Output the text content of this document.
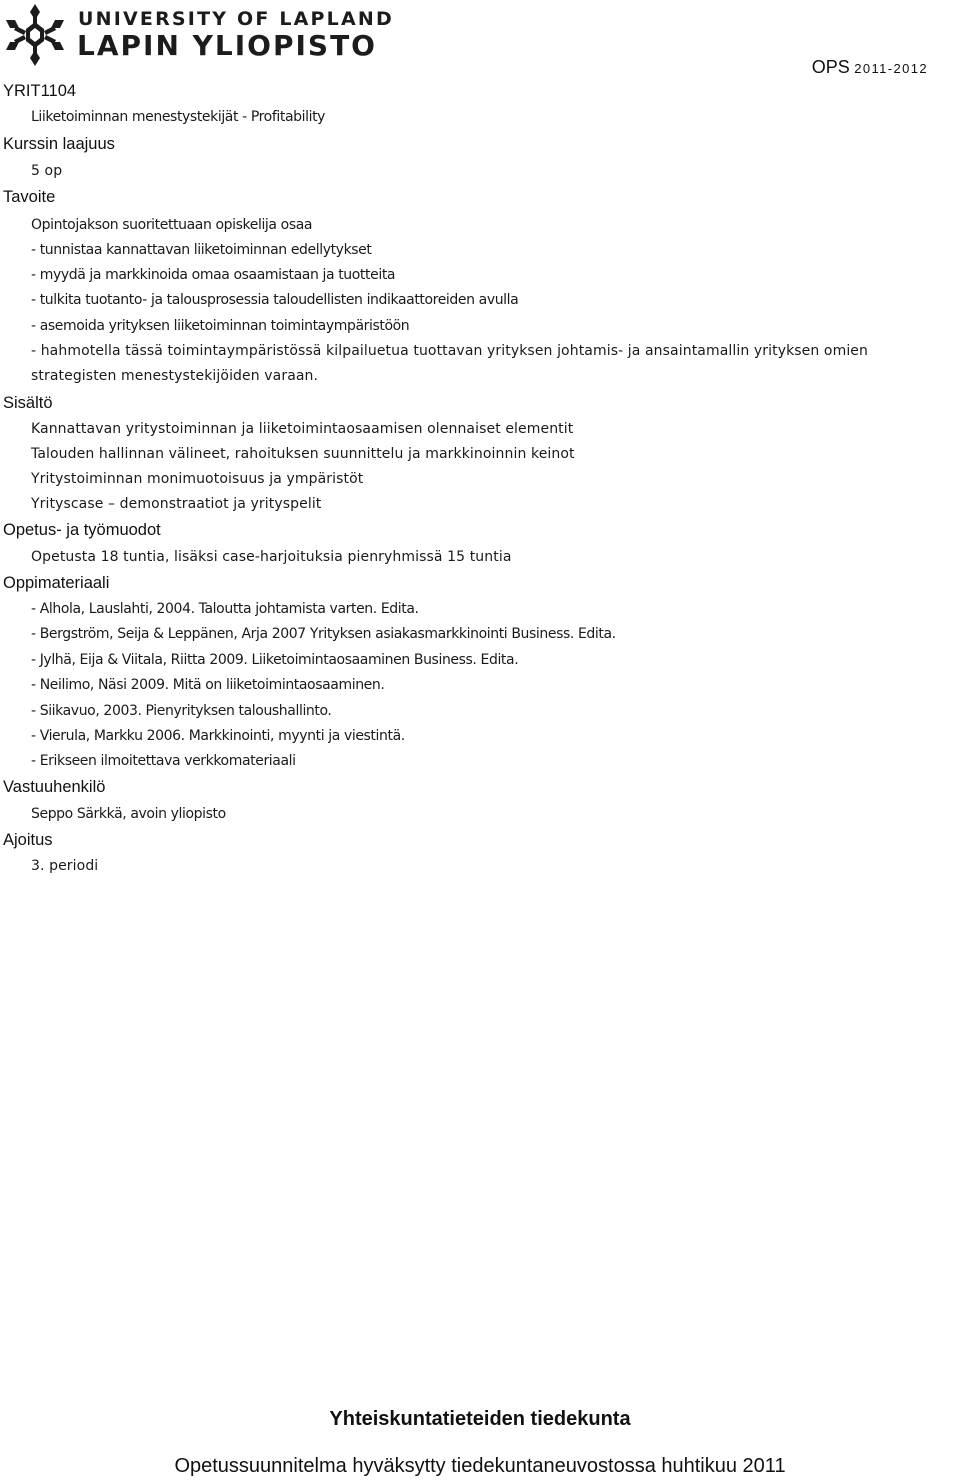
UNIVERSITY OF LAPLAND
LAPIN YLIOPISTO
OPS 2011-2012
YRIT1104
Liiketoiminnan menestystekijät - Profitability
Kurssin laajuus
5 op
Tavoite
Opintojakson suoritettuaan opiskelija osaa
- tunnistaa kannattavan liiketoiminnan edellytykset
- myydä ja markkinoida omaa osaamistaan ja tuotteita
- tulkita tuotanto- ja talousprosessia taloudellisten indikaattoreiden avulla
- asemoida yrityksen liiketoiminnan toimintaympäristöön
- hahmotella tässä toimintaympäristössä kilpailuetua tuottavan yrityksen johtamis- ja ansaintamallin yrityksen omien
strategisten menestystekijöiden varaan.
Sisältö
Kannattavan yritystoiminnan ja liiketoimintaosaamisen olennaiset elementit
Talouden hallinnan välineet, rahoituksen suunnittelu ja markkinoinnin keinot
Yritystoiminnan monimuotoisuus ja ympäristöt
Yrityscase – demonstraatiot ja yrityspelit
Opetus- ja työmuodot
Opetusta 18 tuntia, lisäksi case-harjoituksia pienryhmissä 15 tuntia
Oppimateriaali
- Alhola, Lauslahti, 2004. Taloutta johtamista varten. Edita.
- Bergström, Seija & Leppänen, Arja 2007 Yrityksen asiakasmarkkinointi Business. Edita.
- Jylhä, Eija & Viitala, Riitta 2009. Liiketoimintaosaaminen Business. Edita.
- Neilimo, Näsi 2009. Mitä on liiketoimintaosaaminen.
- Siikavuo, 2003. Pienyrityksen taloushallinto.
- Vierula, Markku 2006. Markkinointi, myynti ja viestintä.
- Erikseen ilmoitettava verkkomateriaali
Vastuuhenkilö
Seppo Särkkä, avoin yliopisto
Ajoitus
3. periodi
Yhteiskuntatieteiden tiedekunta
Opetussuunnitelma hyväksytty tiedekuntaneuvostossa huhtikuu 2011
